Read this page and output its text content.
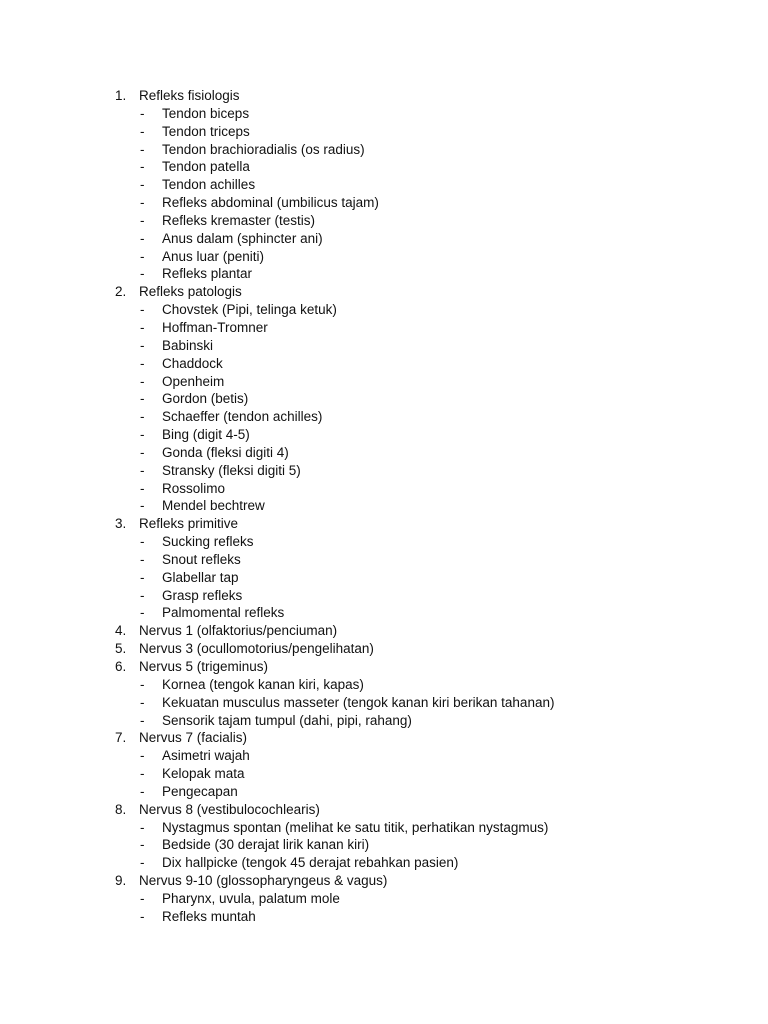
1. Refleks fisiologis
- Tendon biceps
- Tendon triceps
- Tendon brachioradialis (os radius)
- Tendon patella
- Tendon achilles
- Refleks abdominal (umbilicus tajam)
- Refleks kremaster (testis)
- Anus dalam (sphincter ani)
- Anus luar (peniti)
- Refleks plantar
2. Refleks patologis
- Chovstek (Pipi, telinga ketuk)
- Hoffman-Tromner
- Babinski
- Chaddock
- Openheim
- Gordon (betis)
- Schaeffer (tendon achilles)
- Bing (digit 4-5)
- Gonda (fleksi digiti 4)
- Stransky (fleksi digiti 5)
- Rossolimo
- Mendel bechtrew
3. Refleks primitive
- Sucking refleks
- Snout refleks
- Glabellar tap
- Grasp refleks
- Palmomental refleks
4. Nervus 1 (olfaktorius/penciuman)
5. Nervus 3 (ocullomotorius/pengelihatan)
6. Nervus 5 (trigeminus)
- Kornea (tengok kanan kiri, kapas)
- Kekuatan musculus masseter (tengok kanan kiri berikan tahanan)
- Sensorik tajam tumpul (dahi, pipi, rahang)
7. Nervus 7 (facialis)
- Asimetri wajah
- Kelopak mata
- Pengecapan
8. Nervus 8 (vestibulocochlearis)
- Nystagmus spontan (melihat ke satu titik, perhatikan nystagmus)
- Bedside (30 derajat lirik kanan kiri)
- Dix hallpicke (tengok 45 derajat rebahkan pasien)
9. Nervus 9-10 (glossopharyngeus & vagus)
- Pharynx, uvula, palatum mole
- Refleks muntah
